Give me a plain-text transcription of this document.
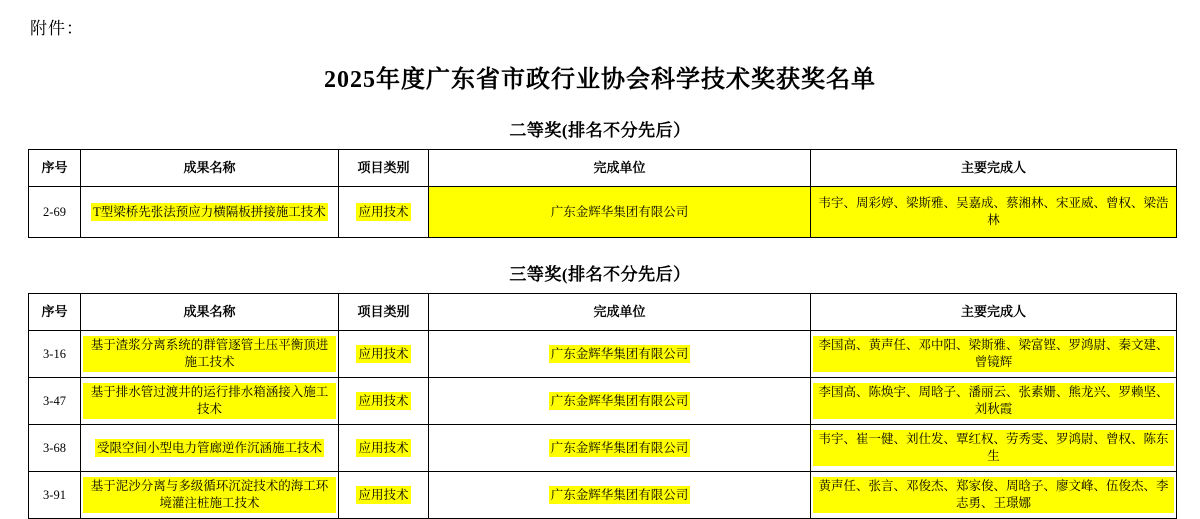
附件：
2025年度广东省市政行业协会科学技术奖获奖名单
二等奖(排名不分先后）
序号	成果名称	项目类别	完成单位	主要完成人
2-69	T型梁桥先张法预应力横隔板拼接施工技术	应用技术	广东金辉华集团有限公司	韦宇、周彩婷、梁斯雅、吴嘉成、蔡湘林、宋亚威、曾权、梁浩林
三等奖(排名不分先后）
序号	成果名称	项目类别	完成单位	主要完成人
3-16	基于渣浆分离系统的群管逐管土压平衡顶进施工技术	应用技术	广东金辉华集团有限公司	李国高、黄声任、邓中阳、梁斯雅、梁富铿、罗鸿尉、秦文建、曾镜辉
3-47	基于排水管过渡井的运行排水箱涵接入施工技术	应用技术	广东金辉华集团有限公司	李国高、陈焕宇、周晗子、潘丽云、张素姗、熊龙兴、罗赖坚、刘秋霞
3-68	受限空间小型电力管廊逆作沉涵施工技术	应用技术	广东金辉华集团有限公司	韦宇、崔一健、刘仕发、覃红权、劳秀雯、罗鸿尉、曾权、陈东生
3-91	基于泥沙分离与多级循环沉淀技术的海工环境灌注桩施工技术	应用技术	广东金辉华集团有限公司	黄声任、张言、邓俊杰、郑家俊、周晗子、廖文峰、伍俊杰、李志勇、王璟娜
